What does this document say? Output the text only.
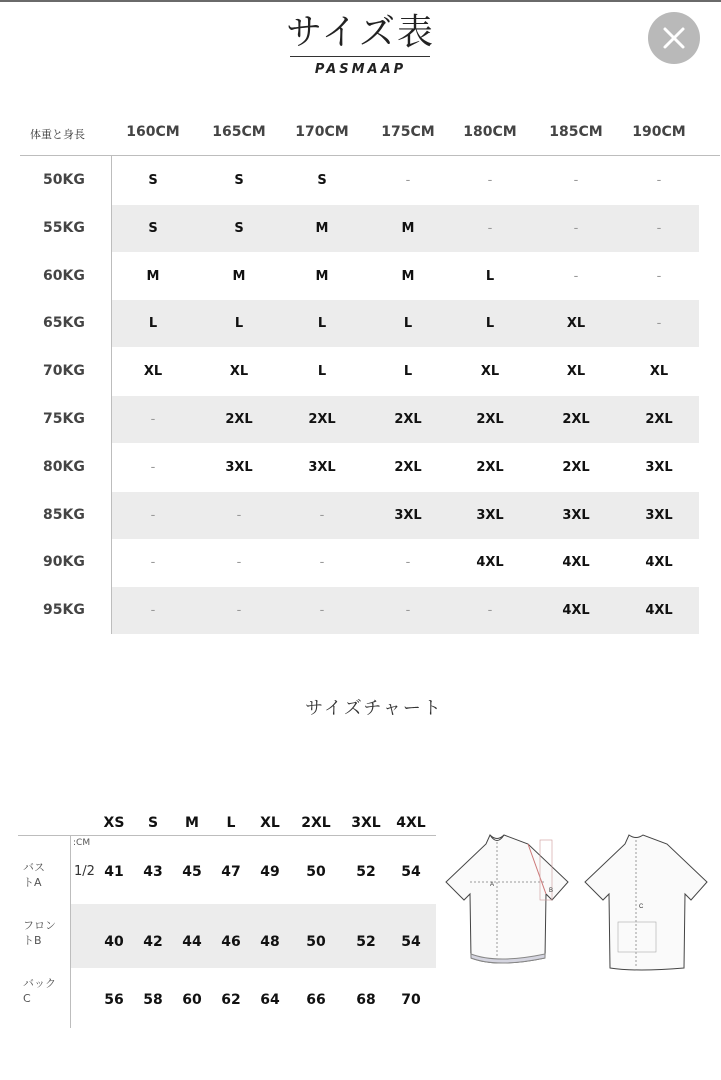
サイズ表
PASMAAP
体重と身長	160CM	165CM	170CM	175CM	180CM	185CM	190CM
50KG	S	S	S	-	-	-	-
55KG	S	S	M	M	-	-	-
60KG	M	M	M	M	L	-	-
65KG	L	L	L	L	L	XL	-
70KG	XL	XL	L	L	XL	XL	XL
75KG	-	2XL	2XL	2XL	2XL	2XL	2XL
80KG	-	3XL	3XL	2XL	2XL	2XL	3XL
85KG	-	-	-	3XL	3XL	3XL	3XL
90KG	-	-	-	-	4XL	4XL	4XL
95KG	-	-	-	-	-	4XL	4XL
サイズチャート
XS	S	M	L	XL	2XL	3XL	4XL
:CM
バス
トA
1/2 41	43	45	47	49	50	52	54
フロン
トB	40	42	44	46	48	50	52	54
バック
C	56	58	60	62	64	66	68	70
A
B
C
